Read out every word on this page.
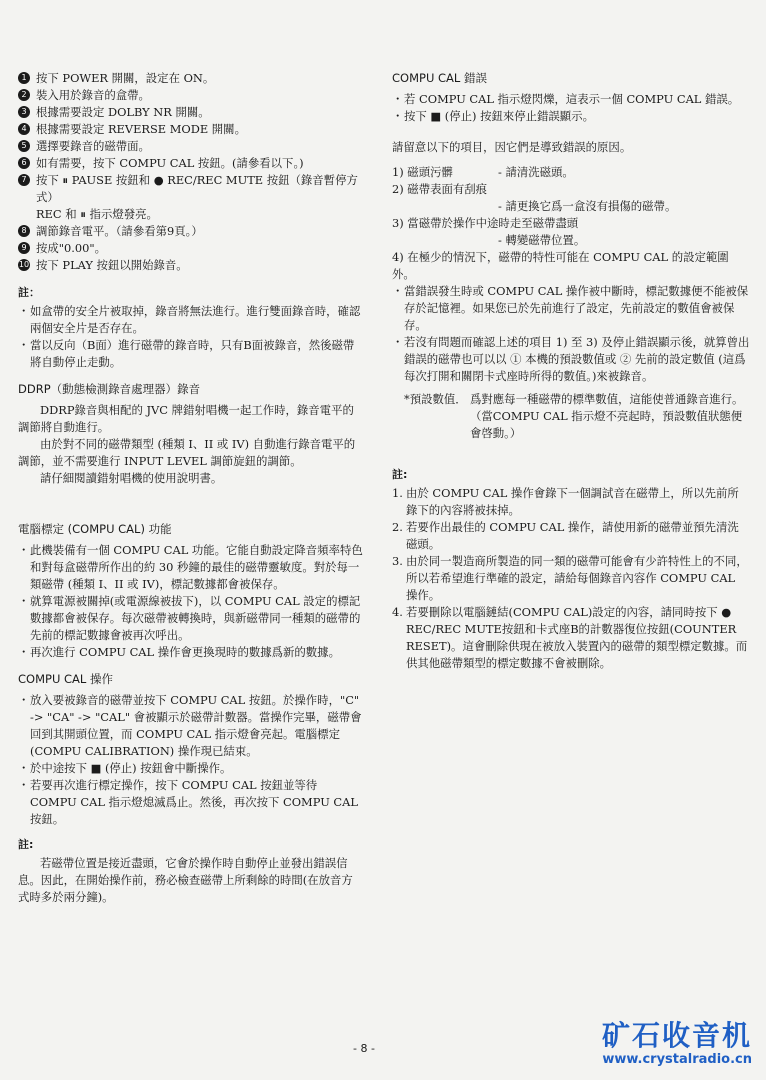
1 按下 POWER 開關，設定在 ON。
2 裝入用於錄音的盒帶。
3 根據需要設定 DOLBY NR 開關。
4 根據需要設定 REVERSE MODE 開關。
5 選擇要錄音的磁帶面。
6 如有需要，按下 COMPU CAL 按鈕。(請參看以下。)
7 按下 ⏸ PAUSE 按鈕和 ● REC/REC MUTE 按鈕（錄音暫停方式）
REC 和 ⏸ 指示燈發亮。
8 調節錄音電平。（請參看第9頁。）
9 按成"0.00"。
10 按下 PLAY 按鈕以開始錄音。
註：
・ 如盒帶的安全片被取掉，錄音將無法進行。進行雙面錄音時，確認兩個安全片是否存在。
・ 當以反向（B面）進行磁帶的錄音時，只有B面被錄音，然後磁帶將自動停止走動。
DDRP（動態檢測錄音處理器）錄音

DDRP錄音與相配的 JVC 牌錯射唱機一起工作時，錄音電平的調節將自動進行。

由於對不同的磁帶類型 (種類 I、II 或 IV) 自動進行錄音電平的調節，並不需要進行 INPUT LEVEL 調節旋鈕的調節。

請仔細閱讀錯射唱機的使用說明書。

電腦標定 (COMPU CAL) 功能
・ 此機裝備有一個 COMPU CAL 功能。它能自動設定降音頻率特色和對每盒磁帶所作出的約 30 秒鐘的最佳的磁帶靈敏度。對於每一類磁帶 (種類 I、II 或 IV)，標記數據都會被保存。
・ 就算電源被關掉(或電源線被拔下)，以 COMPU CAL 設定的標記數據都會被保存。每次磁帶被轉換時，與新磁帶同一種類的磁帶的先前的標記數據會被再次呼出。
・ 再次進行 COMPU CAL 操作會更換現時的數據爲新的數據。
COMPU CAL 操作
・ 放入要被錄音的磁帶並按下 COMPU CAL 按鈕。於操作時，"C" -> "CA" -> "CAL" 會被顯示於磁帶計數器。當操作完畢，磁帶會回到其開頭位置，而 COMPU CAL 指示燈會亮起。電腦標定 (COMPU CALIBRATION) 操作現已結束。
・ 於中途按下 ■ (停止) 按鈕會中斷操作。
・ 若要再次進行標定操作，按下 COMPU CAL 按鈕並等待 COMPU CAL 指示燈熄滅爲止。然後，再次按下 COMPU CAL 按鈕。
註:

若磁帶位置是接近盡頭，它會於操作時自動停止並發出錯誤信息。因此，在開始操作前，務必檢查磁帶上所剩餘的時間(在放音方式時多於兩分鐘)。

COMPU CAL 錯誤
・ 若 COMPU CAL 指示燈閃爍，這表示一個 COMPU CAL 錯誤。
・ 按下 ■ (停止) 按鈕來停止錯誤顯示。

請留意以下的項目，因它們是導致錯誤的原因。

1) 磁頭污髒	- 請清洗磁頭。
2) 磁帶表面有刮痕
- 請更換它爲一盒沒有損傷的磁帶。
3) 當磁帶於操作中途時走至磁帶盡頭
- 轉變磁帶位置。

4) 在極少的情況下，磁帶的特性可能在 COMPU CAL 的設定範圍外。

・ 當錯誤發生時或 COMPU CAL 操作被中斷時，標記數據便不能被保存於記憶裡。如果您已於先前進行了設定，先前設定的數值會被保存。
・ 若沒有問題而確認上述的項目 1) 至 3) 及停止錯誤顯示後，就算曾出錯誤的磁帶也可以以 ① 本機的預設數值或 ② 先前的設定數值 (這爲每次打開和關閉卡式座時所得的數值。)來被錄音。
*預設數值． 爲對應每一種磁帶的標準數值，這能使普通錄音進行。（當COMPU CAL 指示燈不亮起時，預設數值狀態便會啓動。）
註:
1. 由於 COMPU CAL 操作會錄下一個調試音在磁帶上，所以先前所錄下的內容將被抹掉。
2. 若要作出最佳的 COMPU CAL 操作，請使用新的磁帶並預先清洗磁頭。
3. 由於同一製造商所製造的同一類的磁帶可能會有少許特性上的不同，所以若希望進行準確的設定，請給每個錄音內容作 COMPU CAL 操作。
4. 若要刪除以電腦鏈結(COMPU CAL)設定的內容，請同時按下 ● REC/REC MUTE按鈕和卡式座B的計數器復位按鈕(COUNTER RESET)。這會刪除供現在被放入裝置內的磁帶的類型標定數據。而供其他磁帶類型的標定數據不會被刪除。
- 8 -	矿石收音机
www.crystalradio.cn
